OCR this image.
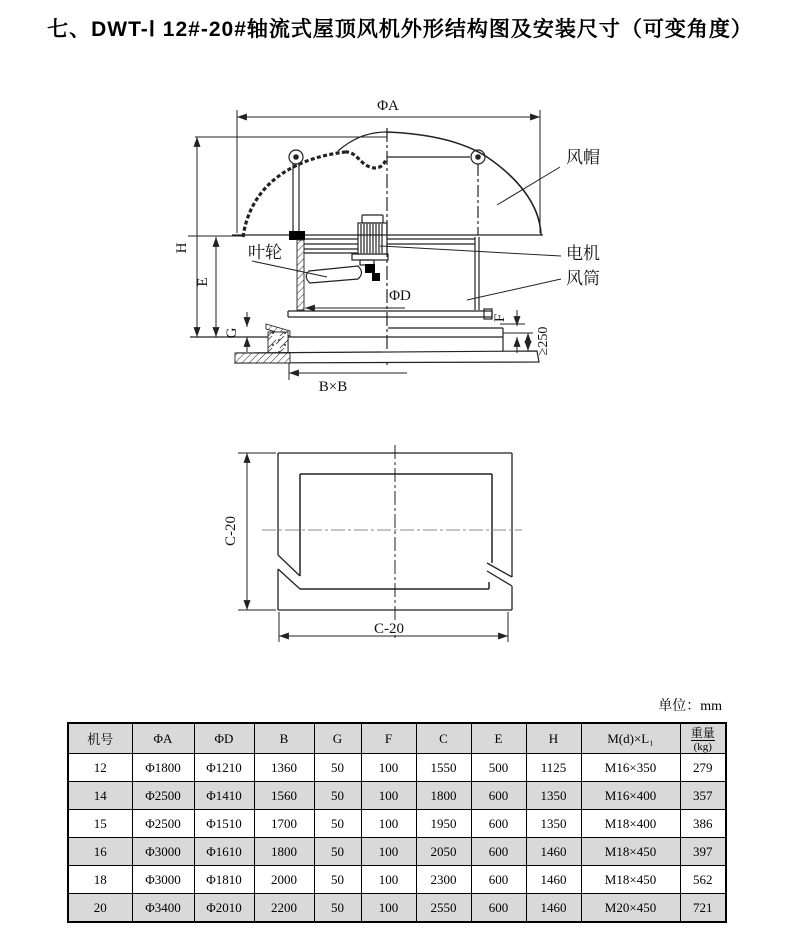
七、DWT-Ⅰ 12#-20#轴流式屋顶风机外形结构图及安装尺寸（可变角度）
ΦA
H
E
G
ΦD
F
≥250
B×B
风帽
叶轮	电机
风筒
C-20
C-20
单位：mm
机号	ΦA	ΦD	B	G	F	C	E	H	M(d)×L₁	重量
(kg)

12	Φ1800	Φ1210	1360	50	100	1550	500	1125	M16×350	279
14	Φ2500	Φ1410	1560	50	100	1800	600	1350	M16×400	357
15	Φ2500	Φ1510	1700	50	100	1950	600	1350	M18×400	386
16	Φ3000	Φ1610	1800	50	100	2050	600	1460	M18×450	397
18	Φ3000	Φ1810	2000	50	100	2300	600	1460	M18×450	562
20	Φ3400	Φ2010	2200	50	100	2550	600	1460	M20×450	721
